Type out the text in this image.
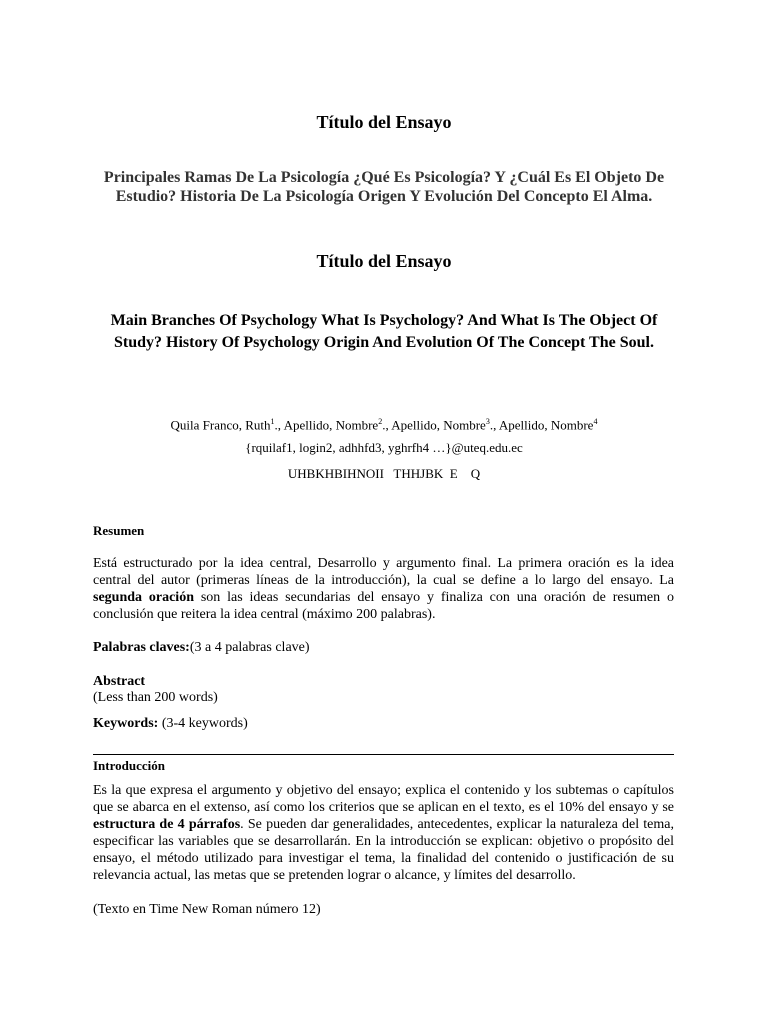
Título del Ensayo
Principales Ramas De La Psicología ¿Qué Es Psicología? Y ¿Cuál Es El Objeto De Estudio? Historia De La Psicología Origen Y Evolución Del Concepto El Alma.
Título del Ensayo
Main Branches Of Psychology What Is Psychology? And What Is The Object Of Study? History Of Psychology Origin And Evolution Of The Concept The Soul.
Quila Franco, Ruth$^1$., Apellido, Nombre$^2$., Apellido, Nombre$^3$., Apellido, Nombre$^4$
{rquilaf1, login2, adhhfd3, yghrfh4 …}@uteq.edu.ec
UHBKHBIHNOII   THHJBK  E    Q
Resumen
Está estructurado por la idea central, Desarrollo y argumento final. La primera oración es la idea central del autor (primeras líneas de la introducción), la cual se define a lo largo del ensayo. La segunda oración son las ideas secundarias del ensayo y finaliza con una oración de resumen o conclusión que reitera la idea central (máximo 200 palabras).
Palabras claves:(3 a 4 palabras clave)
Abstract
(Less than 200 words)
Keywords: (3-4 keywords)
Introducción
Es la que expresa el argumento y objetivo del ensayo; explica el contenido y los subtemas o capítulos que se abarca en el extenso, así como los criterios que se aplican en el texto, es el 10% del ensayo y se estructura de 4 párrafos. Se pueden dar generalidades, antecedentes, explicar la naturaleza del tema, especificar las variables que se desarrollarán. En la introducción se explican: objetivo o propósito del ensayo, el método utilizado para investigar el tema, la finalidad del contenido o justificación de su relevancia actual, las metas que se pretenden lograr o alcance, y límites del desarrollo.
(Texto en Time New Roman número 12)
